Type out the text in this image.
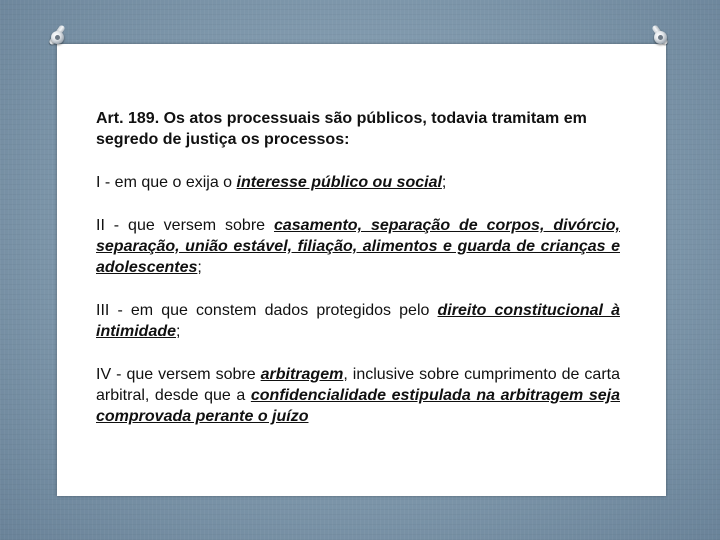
Art. 189. Os atos processuais são públicos, todavia tramitam em segredo de justiça os processos:

I - em que o exija o interesse público ou social;

II - que versem sobre casamento, separação de corpos, divórcio, separação, união estável, filiação, alimentos e guarda de crianças e adolescentes;

III - em que constem dados protegidos pelo direito constitucional à intimidade;

IV - que versem sobre arbitragem, inclusive sobre cumprimento de carta arbitral, desde que a confidencialidade estipulada na arbitragem seja comprovada perante o juízo
